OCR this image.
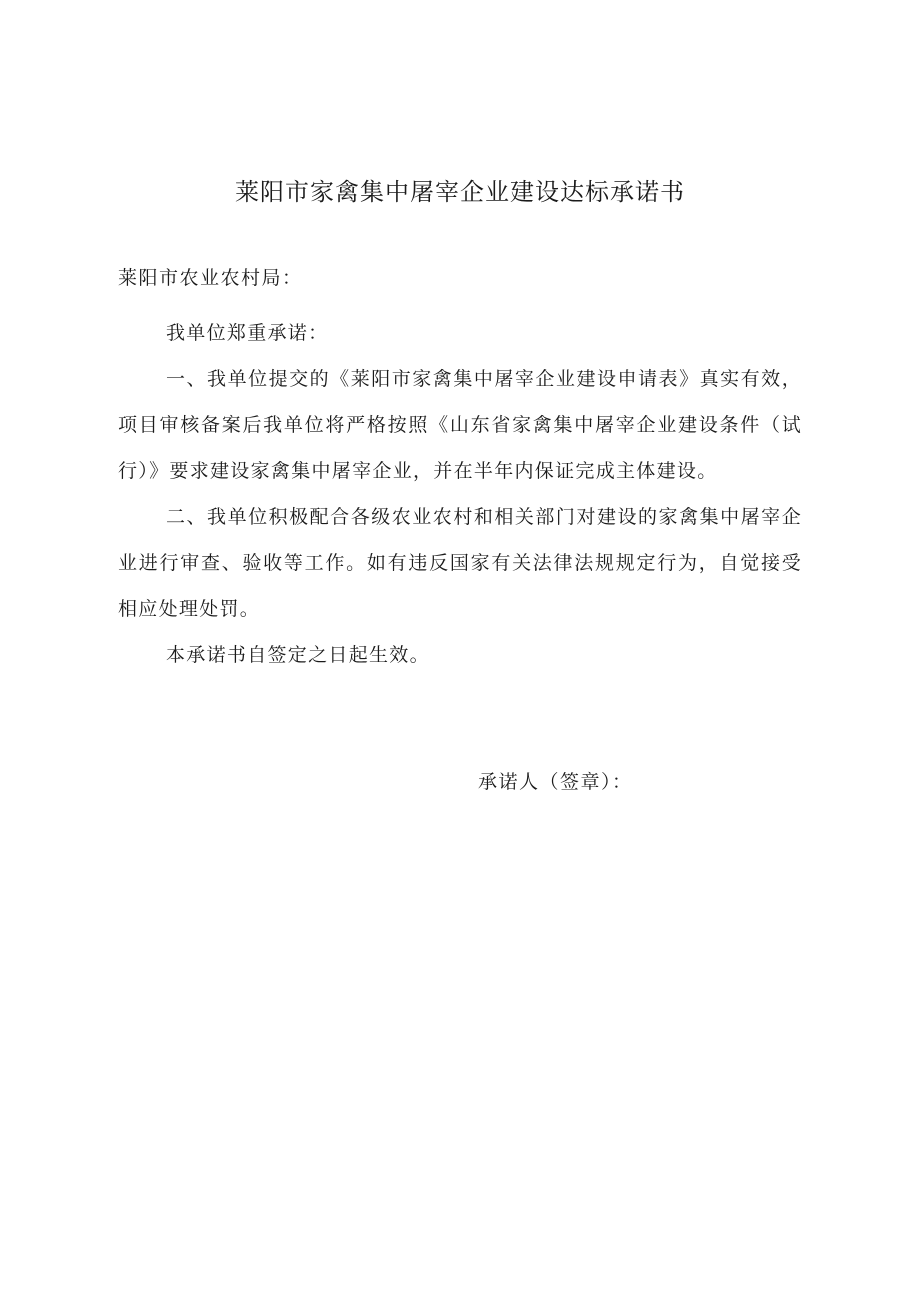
莱阳市家禽集中屠宰企业建设达标承诺书
莱阳市农业农村局：

我单位郑重承诺：

一、我单位提交的《莱阳市家禽集中屠宰企业建设申请表》真实有效，项目审核备案后我单位将严格按照《山东省家禽集中屠宰企业建设条件（试行）》要求建设家禽集中屠宰企业，并在半年内保证完成主体建设。

二、我单位积极配合各级农业农村和相关部门对建设的家禽集中屠宰企业进行审查、验收等工作。如有违反国家有关法律法规规定行为，自觉接受相应处理处罚。

本承诺书自签定之日起生效。

承诺人（签章）：
